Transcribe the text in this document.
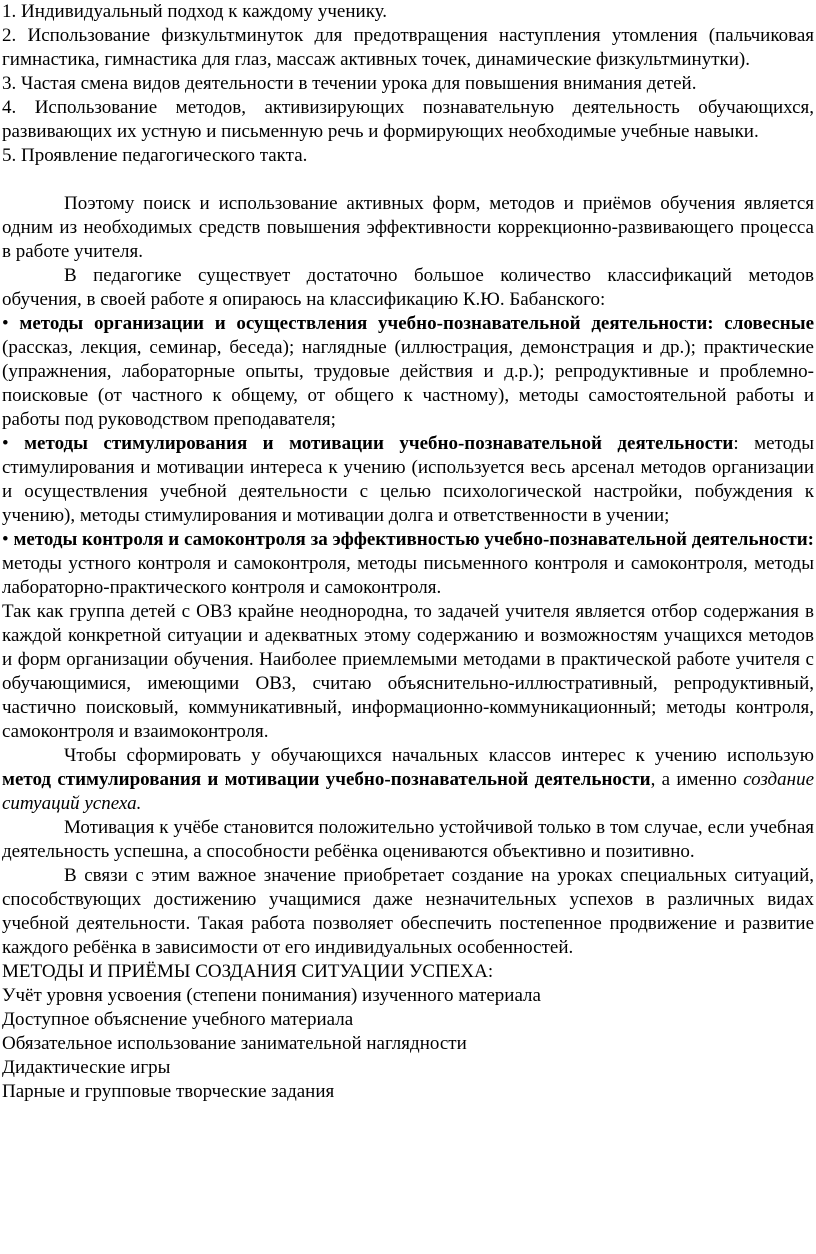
1. Индивидуальный подход к каждому ученику.

2. Использование физкультминуток для предотвращения наступления утомления (пальчиковая гимнастика, гимнастика для глаз, массаж активных точек, динамические физкультминутки).

3. Частая смена видов деятельности в течении урока для повышения внимания детей.

4. Использование методов, активизирующих познавательную деятельность обучающихся, развивающих их устную и письменную речь и формирующих необходимые учебные навыки.

5. Проявление педагогического такта.

Поэтому поиск и использование активных форм, методов и приёмов обучения является одним из необходимых средств повышения эффективности коррекционно-развивающего процесса в работе учителя.

В педагогике существует достаточно большое количество классификаций методов обучения, в своей работе я опираюсь на классификацию К.Ю. Бабанского:

• методы организации и осуществления учебно-познавательной деятельности: словесные (рассказ, лекция, семинар, беседа); наглядные (иллюстрация, демонстрация и др.); практические (упражнения, лабораторные опыты, трудовые действия и д.р.); репродуктивные и проблемно-поисковые (от частного к общему, от общего к частному), методы самостоятельной работы и работы под руководством преподавателя;

• методы стимулирования и мотивации учебно-познавательной деятельности: методы стимулирования и мотивации интереса к учению (используется весь арсенал методов организации и осуществления учебной деятельности с целью психологической настройки, побуждения к учению), методы стимулирования и мотивации долга и ответственности в учении;

• методы контроля и самоконтроля за эффективностью учебно-познавательной деятельности: методы устного контроля и самоконтроля, методы письменного контроля и самоконтроля, методы лабораторно-практического контроля и самоконтроля.

Так как группа детей с ОВЗ крайне неоднородна, то задачей учителя является отбор содержания в каждой конкретной ситуации и адекватных этому содержанию и возможностям учащихся методов и форм организации обучения. Наиболее приемлемыми методами в практической работе учителя с обучающимися, имеющими ОВЗ, считаю объяснительно-иллюстративный, репродуктивный, частично поисковый, коммуникативный, информационно-коммуникационный; методы контроля, самоконтроля и взаимоконтроля.

Чтобы сформировать у обучающихся начальных классов интерес к учению использую метод стимулирования и мотивации учебно-познавательной деятельности, а именно создание ситуаций успеха.

Мотивация к учёбе становится положительно устойчивой только в том случае, если учебная деятельность успешна, а способности ребёнка оцениваются объективно и позитивно.

В связи с этим важное значение приобретает создание на уроках специальных ситуаций, способствующих достижению учащимися даже незначительных успехов в различных видах учебной деятельности. Такая работа позволяет обеспечить постепенное продвижение и развитие каждого ребёнка в зависимости от его индивидуальных особенностей.

МЕТОДЫ И ПРИЁМЫ СОЗДАНИЯ СИТУАЦИИ УСПЕХА:

Учёт уровня усвоения (степени понимания) изученного материала

Доступное объяснение учебного материала

Обязательное использование занимательной наглядности

Дидактические игры

Парные и групповые творческие задания
